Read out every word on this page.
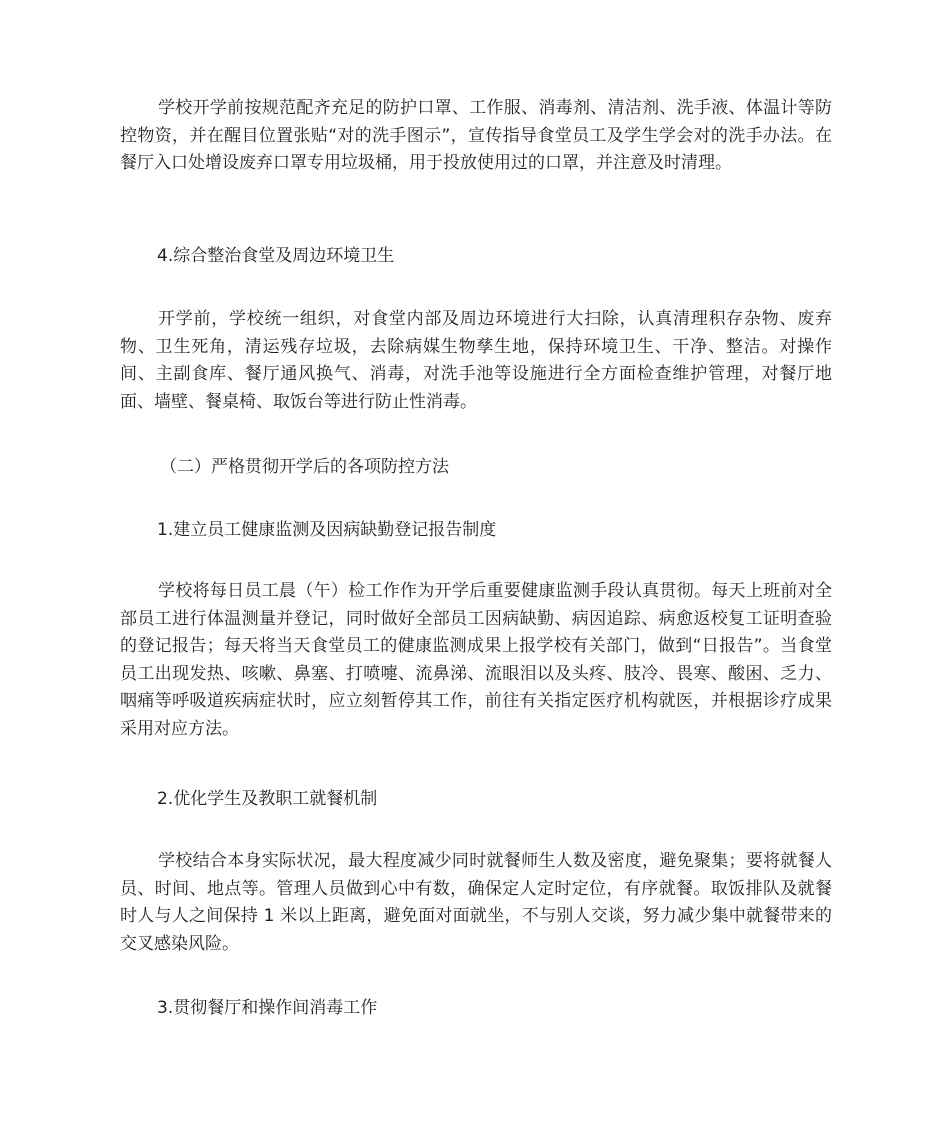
学校开学前按规范配齐充足的防护口罩、工作服、消毒剂、清洁剂、洗手液、体温计等防控物资，并在醒目位置张贴“对的洗手图示”，宣传指导食堂员工及学生学会对的洗手办法。在餐厅入口处增设废弃口罩专用垃圾桶，用于投放使用过的口罩，并注意及时清理。

4.综合整治食堂及周边环境卫生

开学前，学校统一组织，对食堂内部及周边环境进行大扫除，认真清理积存杂物、废弃物、卫生死角，清运残存垃圾，去除病媒生物孳生地，保持环境卫生、干净、整洁。对操作间、主副食库、餐厅通风换气、消毒，对洗手池等设施进行全方面检查维护管理，对餐厅地面、墙壁、餐桌椅、取饭台等进行防止性消毒。

（二）严格贯彻开学后的各项防控方法

1.建立员工健康监测及因病缺勤登记报告制度

学校将每日员工晨（午）检工作作为开学后重要健康监测手段认真贯彻。每天上班前对全部员工进行体温测量并登记，同时做好全部员工因病缺勤、病因追踪、病愈返校复工证明查验的登记报告；每天将当天食堂员工的健康监测成果上报学校有关部门，做到“日报告”。当食堂员工出现发热、咳嗽、鼻塞、打喷嚏、流鼻涕、流眼泪以及头疼、肢冷、畏寒、酸困、乏力、咽痛等呼吸道疾病症状时，应立刻暂停其工作，前往有关指定医疗机构就医，并根据诊疗成果采用对应方法。

2.优化学生及教职工就餐机制

学校结合本身实际状况，最大程度减少同时就餐师生人数及密度，避免聚集；要将就餐人员、时间、地点等。管理人员做到心中有数，确保定人定时定位，有序就餐。取饭排队及就餐时人与人之间保持 1 米以上距离，避免面对面就坐，不与别人交谈，努力减少集中就餐带来的交叉感染风险。

3.贯彻餐厅和操作间消毒工作
